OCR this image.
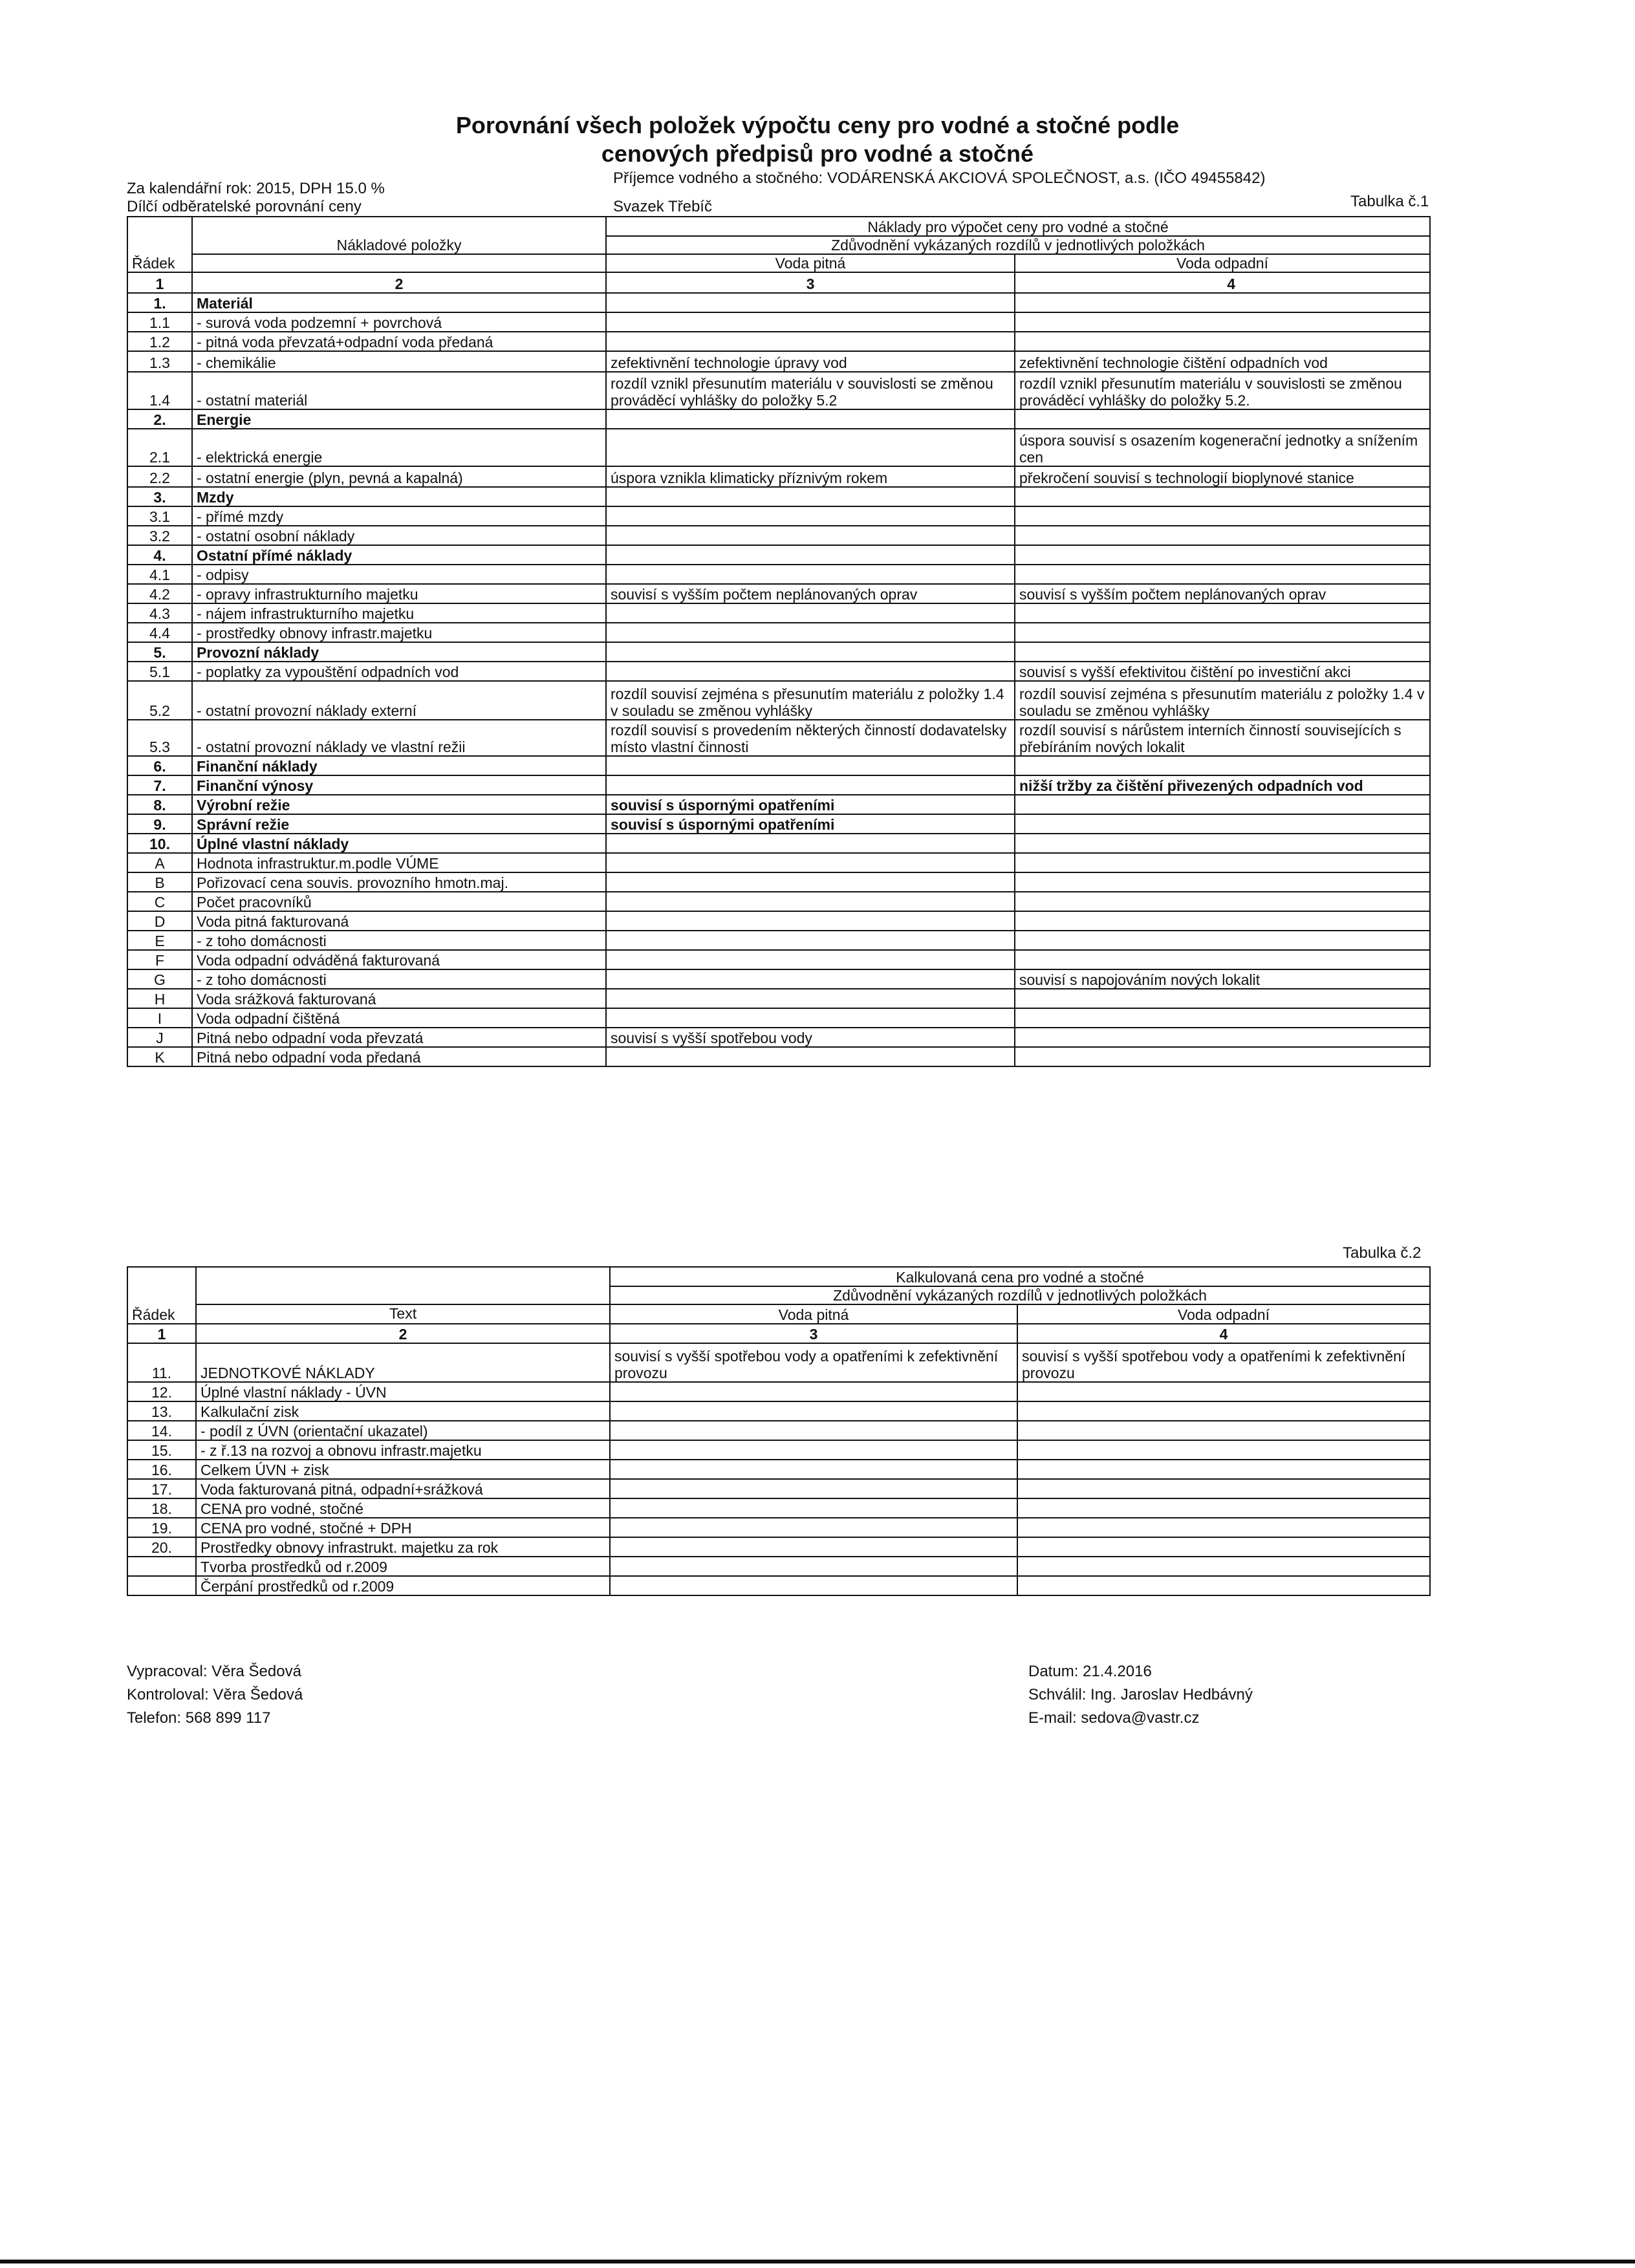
Porovnání všech položek výpočtu ceny pro vodné a stočné podle
cenových předpisů pro vodné a stočné
Za kalendářní rok: 2015, DPH 15.0 %
Dílčí odběratelské porovnání ceny
Příjemce vodného a stočného: VODÁRENSKÁ AKCIOVÁ SPOLEČNOST, a.s. (IČO 49455842)
Svazek Třebíč	Tabulka č.1
Řádek	Nákladové položky	Náklady pro výpočet ceny pro vodné a stočné	
		Zdůvodnění vykázaných rozdílů v jednotlivých položkách	
		Voda pitná	Voda odpadní
1	2	3	4
1.	Materiál		
1.1	- surová voda podzemní + povrchová		
1.2	- pitná voda převzatá+odpadní voda předaná		
1.3	- chemikálie	zefektivnění technologie úpravy vod	zefektivnění technologie čištění odpadních vod
1.4	- ostatní materiál	rozdíl vznikl přesunutím materiálu v souvislosti se změnou prováděcí vyhlášky do položky 5.2	rozdíl vznikl přesunutím materiálu v souvislosti se změnou prováděcí vyhlášky do položky 5.2.
2.	Energie		
2.1	- elektrická energie		úspora souvisí s osazením kogenerační jednotky a snížením cen
2.2	- ostatní energie (plyn, pevná a kapalná)	úspora vznikla klimaticky příznivým rokem	překročení souvisí s technologií bioplynové stanice
3.	Mzdy		
3.1	- přímé mzdy		
3.2	- ostatní osobní náklady		
4.	Ostatní přímé náklady		
4.1	- odpisy		
4.2	- opravy infrastrukturního majetku	souvisí s vyšším počtem neplánovaných oprav	souvisí s vyšším počtem neplánovaných oprav
4.3	- nájem infrastrukturního majetku		
4.4	- prostředky obnovy infrastr.majetku		
5.	Provozní náklady		
5.1	- poplatky za vypouštění odpadních vod		souvisí s vyšší efektivitou čištění po investiční akci
5.2	- ostatní provozní náklady externí	rozdíl souvisí zejména s přesunutím materiálu z položky 1.4 v souladu se změnou vyhlášky	rozdíl souvisí zejména s přesunutím materiálu z položky 1.4 v souladu se změnou vyhlášky
5.3	- ostatní provozní náklady ve vlastní režii	rozdíl souvisí s provedením některých činností dodavatelsky místo vlastní činnosti	rozdíl souvisí s nárůstem interních činností souvisejících s přebíráním nových lokalit
6.	Finanční náklady		
7.	Finanční výnosy		nižší tržby za čištění přivezených odpadních vod
8.	Výrobní režie	souvisí s úspornými opatřeními	
9.	Správní režie	souvisí s úspornými opatřeními	
10.	Úplné vlastní náklady		
A	Hodnota infrastruktur.m.podle VÚME		
B	Pořizovací cena souvis. provozního hmotn.maj.		
C	Počet pracovníků		
D	Voda pitná fakturovaná		
E	- z toho domácnosti		
F	Voda odpadní odváděná fakturovaná		
G	- z toho domácnosti		souvisí s napojováním nových lokalit
H	Voda srážková fakturovaná		
I	Voda odpadní čištěná		
J	Pitná nebo odpadní voda převzatá	souvisí s vyšší spotřebou vody	
K	Pitná nebo odpadní voda předaná		
Tabulka č.2
Řádek		Kalkulovaná cena pro vodné a stočné	
		Zdůvodnění vykázaných rozdílů v jednotlivých položkách	
	Text	Voda pitná	Voda odpadní
1	2	3	4
11.	JEDNOTKOVÉ NÁKLADY	souvisí s vyšší spotřebou vody a opatřeními k zefektivnění provozu	souvisí s vyšší spotřebou vody a opatřeními k zefektivnění provozu
12.	Úplné vlastní náklady - ÚVN		
13.	Kalkulační zisk		
14.	- podíl z ÚVN (orientační ukazatel)		
15.	- z ř.13 na rozvoj a obnovu infrastr.majetku		
16.	Celkem ÚVN + zisk		
17.	Voda fakturovaná pitná, odpadní+srážková		
18.	CENA pro vodné, stočné		
19.	CENA pro vodné, stočné + DPH		
20.	Prostředky obnovy infrastrukt. majetku za rok		
	Tvorba prostředků od r.2009		
	Čerpání prostředků od r.2009		
Vypracoval: Věra Šedová
Kontroloval: Věra Šedová
Telefon: 568 899 117
Datum: 21.4.2016
Schválil: Ing. Jaroslav Hedbávný
E-mail: sedova@vastr.cz
